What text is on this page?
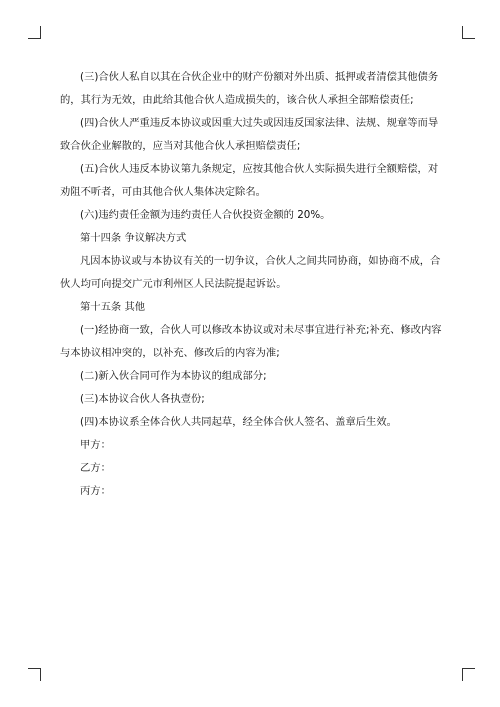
(三)合伙人私自以其在合伙企业中的财产份额对外出质、抵押或者清偿其他债务的，其行为无效，由此给其他合伙人造成损失的，该合伙人承担全部赔偿责任;

(四)合伙人严重违反本协议或因重大过失或因违反国家法律、法规、规章等而导致合伙企业解散的，应当对其他合伙人承担赔偿责任;

(五)合伙人违反本协议第九条规定，应按其他合伙人实际损失进行全额赔偿，对劝阻不听者，可由其他合伙人集体决定除名。

(六)违约责任金额为违约责任人合伙投资金额的 20%。

第十四条 争议解决方式

凡因本协议或与本协议有关的一切争议，合伙人之间共同协商，如协商不成，合伙人均可向提交广元市利州区人民法院提起诉讼。

第十五条 其他

(一)经协商一致，合伙人可以修改本协议或对未尽事宜进行补充;补充、修改内容与本协议相冲突的，以补充、修改后的内容为准;

(二)新入伙合同可作为本协议的组成部分;

(三)本协议合伙人各执壹份;

(四)本协议系全体合伙人共同起草，经全体合伙人签名、盖章后生效。

甲方：

乙方：

丙方：
